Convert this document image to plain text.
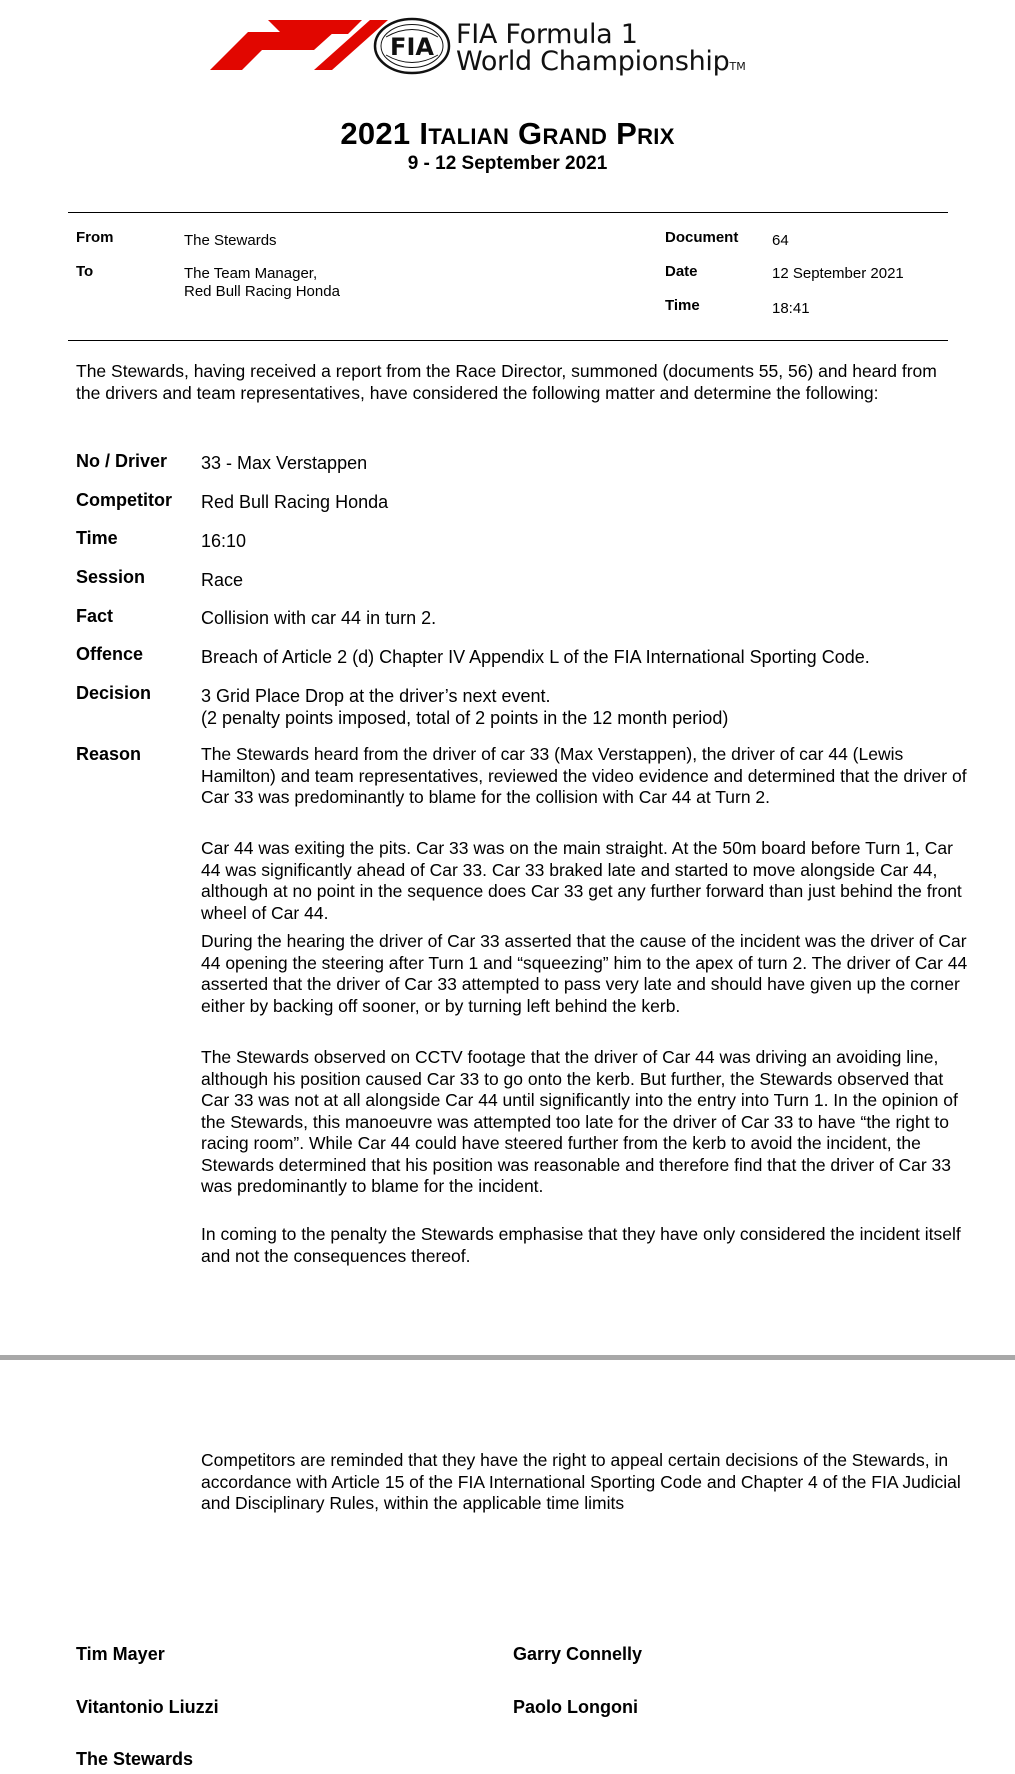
FIA FIA Formula 1
World ChampionshipTM
2021 Italian Grand Prix
9 - 12 September 2021
From	The Stewards
To	The Team Manager,
Red Bull Racing Honda
Document 64
Date	12 September 2021
Time	18:41
The Stewards, having received a report from the Race Director, summoned (documents 55, 56) and heard from the drivers and team representatives, have considered the following matter and determine the following:
No / Driver 33 - Max Verstappen
Competitor Red Bull Racing Honda
Time	16:10
Session	Race
Fact	Collision with car 44 in turn 2.
Offence	Breach of Article 2 (d) Chapter IV Appendix L of the FIA International Sporting Code.
Decision	3 Grid Place Drop at the driver’s next event.
(2 penalty points imposed, total of 2 points in the 12 month period)
Reason	The Stewards heard from the driver of car 33 (Max Verstappen), the driver of car 44 (Lewis Hamilton) and team representatives, reviewed the video evidence and determined that the driver of Car 33 was predominantly to blame for the collision with Car 44 at Turn 2.
Car 44 was exiting the pits. Car 33 was on the main straight. At the 50m board before Turn 1, Car 44 was significantly ahead of Car 33. Car 33 braked late and started to move alongside Car 44, although at no point in the sequence does Car 33 get any further forward than just behind the front wheel of Car 44.
During the hearing the driver of Car 33 asserted that the cause of the incident was the driver of Car 44 opening the steering after Turn 1 and “squeezing” him to the apex of turn 2. The driver of Car 44 asserted that the driver of Car 33 attempted to pass very late and should have given up the corner either by backing off sooner, or by turning left behind the kerb.
The Stewards observed on CCTV footage that the driver of Car 44 was driving an avoiding line, although his position caused Car 33 to go onto the kerb. But further, the Stewards observed that Car 33 was not at all alongside Car 44 until significantly into the entry into Turn 1. In the opinion of the Stewards, this manoeuvre was attempted too late for the driver of Car 33 to have “the right to racing room”. While Car 44 could have steered further from the kerb to avoid the incident, the Stewards determined that his position was reasonable and therefore find that the driver of Car 33 was predominantly to blame for the incident.
In coming to the penalty the Stewards emphasise that they have only considered the incident itself and not the consequences thereof.
Competitors are reminded that they have the right to appeal certain decisions of the Stewards, in accordance with Article 15 of the FIA International Sporting Code and Chapter 4 of the FIA Judicial and Disciplinary Rules, within the applicable time limits
Tim Mayer	Garry Connelly
Vitantonio Liuzzi	Paolo Longoni
The Stewards
